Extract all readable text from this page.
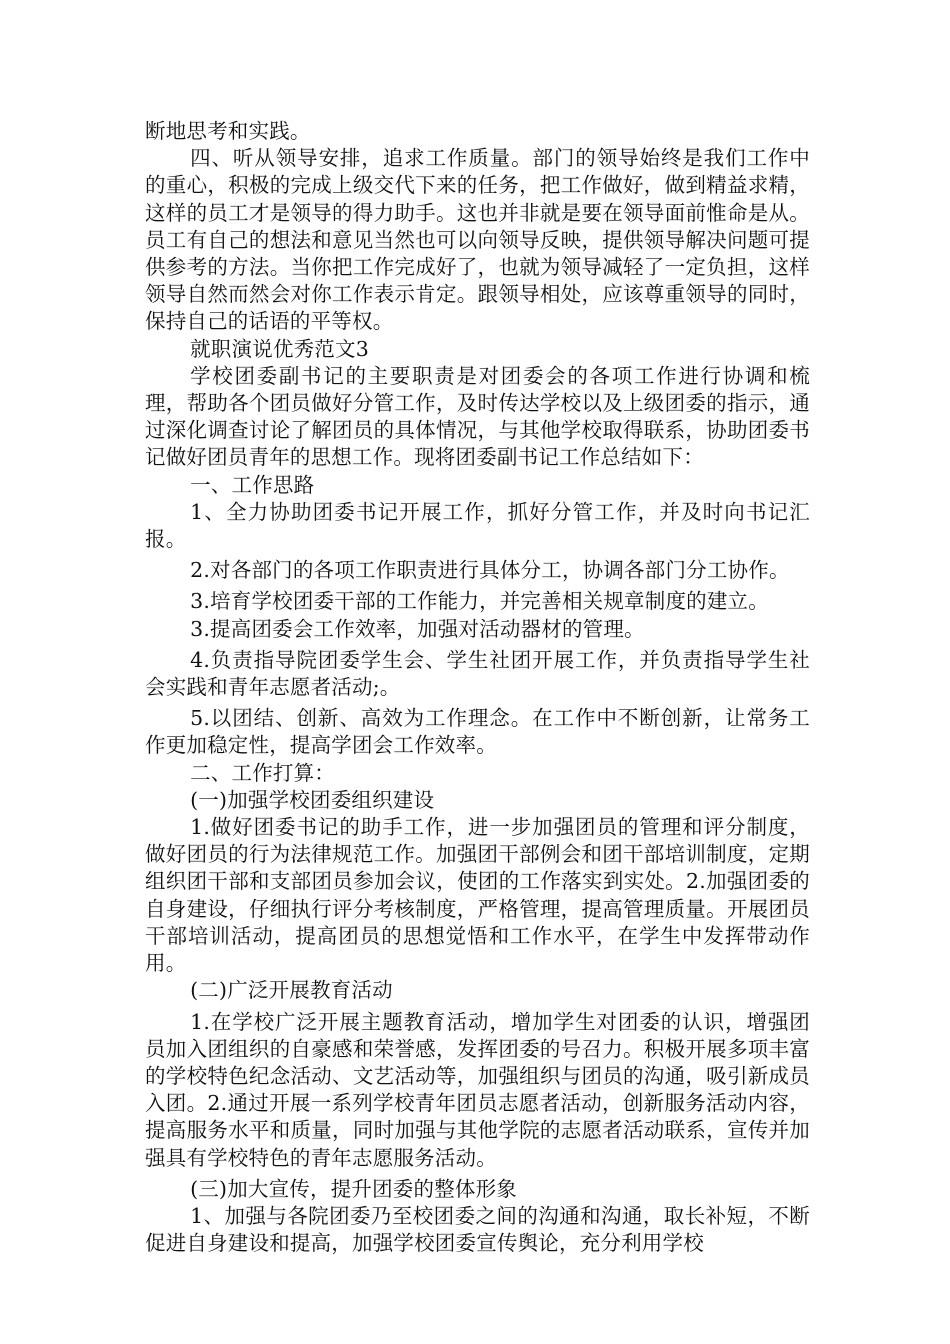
断地思考和实践。

四、听从领导安排，追求工作质量。部门的领导始终是我们工作中的重心，积极的完成上级交代下来的任务，把工作做好，做到精益求精，这样的员工才是领导的得力助手。这也并非就是要在领导面前惟命是从。员工有自己的想法和意见当然也可以向领导反映，提供领导解决问题可提供参考的方法。当你把工作完成好了，也就为领导减轻了一定负担，这样领导自然而然会对你工作表示肯定。跟领导相处，应该尊重领导的同时，保持自己的话语的平等权。

就职演说优秀范文3

学校团委副书记的主要职责是对团委会的各项工作进行协调和梳理，帮助各个团员做好分管工作，及时传达学校以及上级团委的指示，通过深化调查讨论了解团员的具体情况，与其他学校取得联系，协助团委书记做好团员青年的思想工作。现将团委副书记工作总结如下：

一、工作思路

1、全力协助团委书记开展工作，抓好分管工作，并及时向书记汇报。

2.对各部门的各项工作职责进行具体分工，协调各部门分工协作。

3.培育学校团委干部的工作能力，并完善相关规章制度的建立。

3.提高团委会工作效率，加强对活动器材的管理。

4.负责指导院团委学生会、学生社团开展工作，并负责指导学生社会实践和青年志愿者活动;。

5.以团结、创新、高效为工作理念。在工作中不断创新，让常务工作更加稳定性，提高学团会工作效率。

二、工作打算：

(一)加强学校团委组织建设

1.做好团委书记的助手工作，进一步加强团员的管理和评分制度，做好团员的行为法律规范工作。加强团干部例会和团干部培训制度，定期组织团干部和支部团员参加会议，使团的工作落实到实处。2.加强团委的自身建设，仔细执行评分考核制度，严格管理，提高管理质量。开展团员干部培训活动，提高团员的思想觉悟和工作水平，在学生中发挥带动作用。

(二)广泛开展教育活动

1.在学校广泛开展主题教育活动，增加学生对团委的认识，增强团员加入团组织的自豪感和荣誉感，发挥团委的号召力。积极开展多项丰富的学校特色纪念活动、文艺活动等，加强组织与团员的沟通，吸引新成员入团。2.通过开展一系列学校青年团员志愿者活动，创新服务活动内容，提高服务水平和质量，同时加强与其他学院的志愿者活动联系，宣传并加强具有学校特色的青年志愿服务活动。

(三)加大宣传，提升团委的整体形象

1、加强与各院团委乃至校团委之间的沟通和沟通，取长补短，不断促进自身建设和提高，加强学校团委宣传舆论，充分利用学校
